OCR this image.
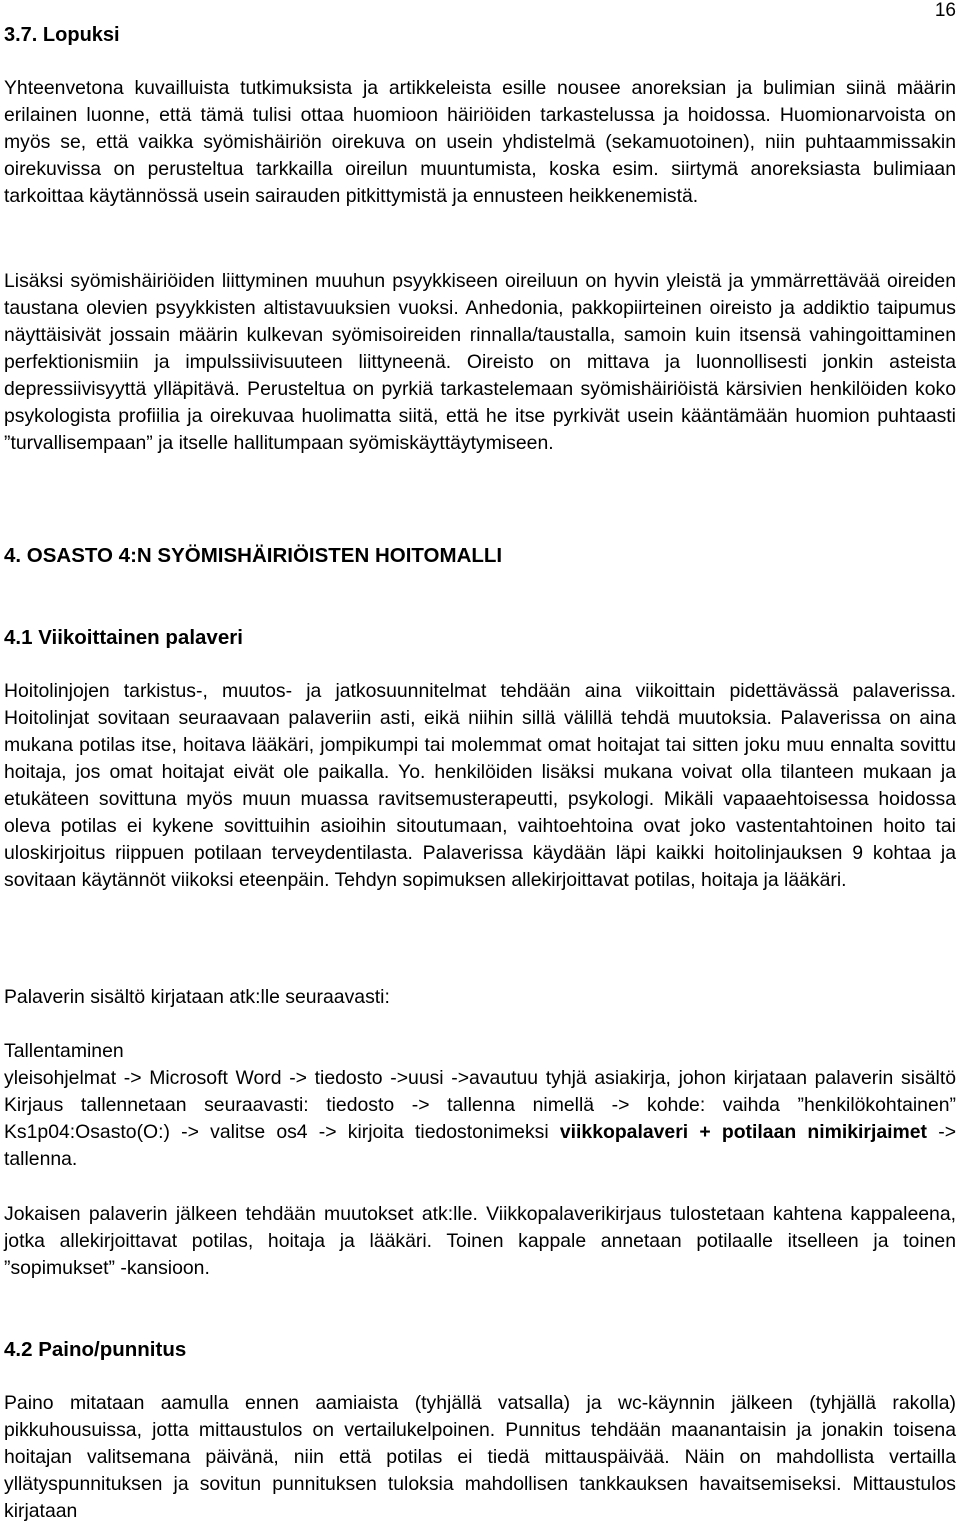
16
3.7. Lopuksi

Yhteenvetona kuvailluista tutkimuksista ja artikkeleista esille nousee anoreksian ja bulimian siinä määrin erilainen luonne, että tämä tulisi ottaa huomioon häiriöiden tarkastelussa ja hoidossa. Huomionarvoista on myös se, että vaikka syömishäiriön oirekuva on usein yhdistelmä (sekamuotoinen), niin puhtaammissakin oirekuvissa on perusteltua tarkkailla oireilun muuntumista, koska esim. siirtymä anoreksiasta bulimiaan tarkoittaa käytännössä usein sairauden pitkittymistä ja ennusteen heikkenemistä.

Lisäksi syömishäiriöiden liittyminen muuhun psyykkiseen oireiluun on hyvin yleistä ja ymmärrettävää oireiden taustana olevien psyykkisten altistavuuksien vuoksi. Anhedonia, pakkopiirteinen oireisto ja addiktio taipumus näyttäisivät jossain määrin kulkevan syömisoireiden rinnalla/taustalla, samoin kuin itsensä vahingoittaminen perfektionismiin ja impulssiivisuuteen liittyneenä. Oireisto on mittava ja luonnollisesti jonkin asteista depressiivisyyttä ylläpitävä. Perusteltua on pyrkiä tarkastelemaan syömishäiriöistä kärsivien henkilöiden koko psykologista profiilia ja oirekuvaa huolimatta siitä, että he itse pyrkivät usein kääntämään huomion puhtaasti ”turvallisempaan” ja itselle hallitumpaan syömiskäyttäytymiseen.

4. OSASTO 4:N SYÖMISHÄIRIÖISTEN HOITOMALLI
4.1 Viikoittainen palaveri

Hoitolinjojen tarkistus-, muutos- ja jatkosuunnitelmat tehdään aina viikoittain pidettävässä palaverissa. Hoitolinjat sovitaan seuraavaan palaveriin asti, eikä niihin sillä välillä tehdä muutoksia. Palaverissa on aina mukana potilas itse, hoitava lääkäri, jompikumpi tai molemmat omat hoitajat tai sitten joku muu ennalta sovittu hoitaja, jos omat hoitajat eivät ole paikalla. Yo. henkilöiden lisäksi mukana voivat olla tilanteen mukaan ja etukäteen sovittuna myös muun muassa ravitsemusterapeutti, psykologi. Mikäli vapaaehtoisessa hoidossa oleva potilas ei kykene sovittuihin asioihin sitoutumaan, vaihtoehtoina ovat joko vastentahtoinen hoito tai uloskirjoitus riippuen potilaan terveydentilasta. Palaverissa käydään läpi kaikki hoitolinjauksen 9 kohtaa ja sovitaan käytännöt viikoksi eteenpäin. Tehdyn sopimuksen allekirjoittavat potilas, hoitaja ja lääkäri.

Palaverin sisältö kirjataan atk:lle seuraavasti:
Tallentaminen

yleisohjelmat -> Microsoft Word -> tiedosto ->uusi ->avautuu tyhjä asiakirja, johon kirjataan palaverin sisältö Kirjaus tallennetaan seuraavasti: tiedosto -> tallenna nimellä -> kohde: vaihda ”henkilökohtainen” Ks1p04:Osasto(O:) -> valitse os4 -> kirjoita tiedostonimeksi viikkopalaveri + potilaan nimikirjaimet -> tallenna.

Jokaisen palaverin jälkeen tehdään muutokset atk:lle. Viikkopalaverikirjaus tulostetaan kahtena kappaleena, jotka allekirjoittavat potilas, hoitaja ja lääkäri. Toinen kappale annetaan potilaalle itselleen ja toinen ”sopimukset” -kansioon.

4.2 Paino/punnitus

Paino mitataan aamulla ennen aamiaista (tyhjällä vatsalla) ja wc-käynnin jälkeen (tyhjällä rakolla) pikkuhousuissa, jotta mittaustulos on vertailukelpoinen. Punnitus tehdään maanantaisin ja jonakin toisena hoitajan valitsemana päivänä, niin että potilas ei tiedä mittauspäivää. Näin on mahdollista vertailla yllätyspunnituksen ja sovitun punnituksen tuloksia mahdollisen tankkauksen havaitsemiseksi. Mittaustulos kirjataan
